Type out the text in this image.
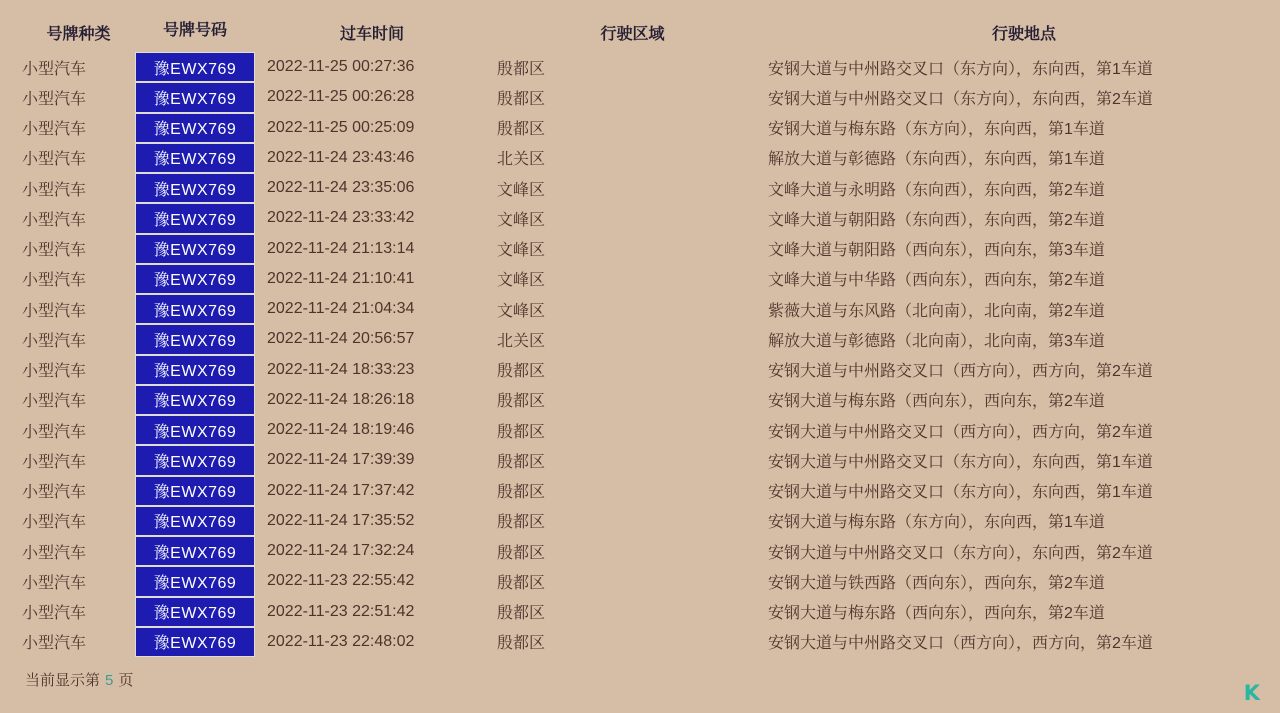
号牌种类	号牌号码	过车时间	行驶区域	行驶地点
小型汽车	豫EWX769	2022-11-25 00:27:36	殷都区	安钢大道与中州路交叉口（东方向），东向西，第1车道
小型汽车	豫EWX769	2022-11-25 00:26:28	殷都区	安钢大道与中州路交叉口（东方向），东向西，第2车道
小型汽车	豫EWX769	2022-11-25 00:25:09	殷都区	安钢大道与梅东路（东方向），东向西，第1车道
小型汽车	豫EWX769	2022-11-24 23:43:46	北关区	解放大道与彰德路（东向西），东向西，第1车道
小型汽车	豫EWX769	2022-11-24 23:35:06	文峰区	文峰大道与永明路（东向西），东向西，第2车道
小型汽车	豫EWX769	2022-11-24 23:33:42	文峰区	文峰大道与朝阳路（东向西），东向西，第2车道
小型汽车	豫EWX769	2022-11-24 21:13:14	文峰区	文峰大道与朝阳路（西向东），西向东，第3车道
小型汽车	豫EWX769	2022-11-24 21:10:41	文峰区	文峰大道与中华路（西向东），西向东，第2车道
小型汽车	豫EWX769	2022-11-24 21:04:34	文峰区	紫薇大道与东风路（北向南），北向南，第2车道
小型汽车	豫EWX769	2022-11-24 20:56:57	北关区	解放大道与彰德路（北向南），北向南，第3车道
小型汽车	豫EWX769	2022-11-24 18:33:23	殷都区	安钢大道与中州路交叉口（西方向），西方向，第2车道
小型汽车	豫EWX769	2022-11-24 18:26:18	殷都区	安钢大道与梅东路（西向东），西向东，第2车道
小型汽车	豫EWX769	2022-11-24 18:19:46	殷都区	安钢大道与中州路交叉口（西方向），西方向，第2车道
小型汽车	豫EWX769	2022-11-24 17:39:39	殷都区	安钢大道与中州路交叉口（东方向），东向西，第1车道
小型汽车	豫EWX769	2022-11-24 17:37:42	殷都区	安钢大道与中州路交叉口（东方向），东向西，第1车道
小型汽车	豫EWX769	2022-11-24 17:35:52	殷都区	安钢大道与梅东路（东方向），东向西，第1车道
小型汽车	豫EWX769	2022-11-24 17:32:24	殷都区	安钢大道与中州路交叉口（东方向），东向西，第2车道
小型汽车	豫EWX769	2022-11-23 22:55:42	殷都区	安钢大道与铁西路（西向东），西向东，第2车道
小型汽车	豫EWX769	2022-11-23 22:51:42	殷都区	安钢大道与梅东路（西向东），西向东，第2车道
小型汽车	豫EWX769	2022-11-23 22:48:02	殷都区	安钢大道与中州路交叉口（西方向），西方向，第2车道
当前显示第 5 页
K
